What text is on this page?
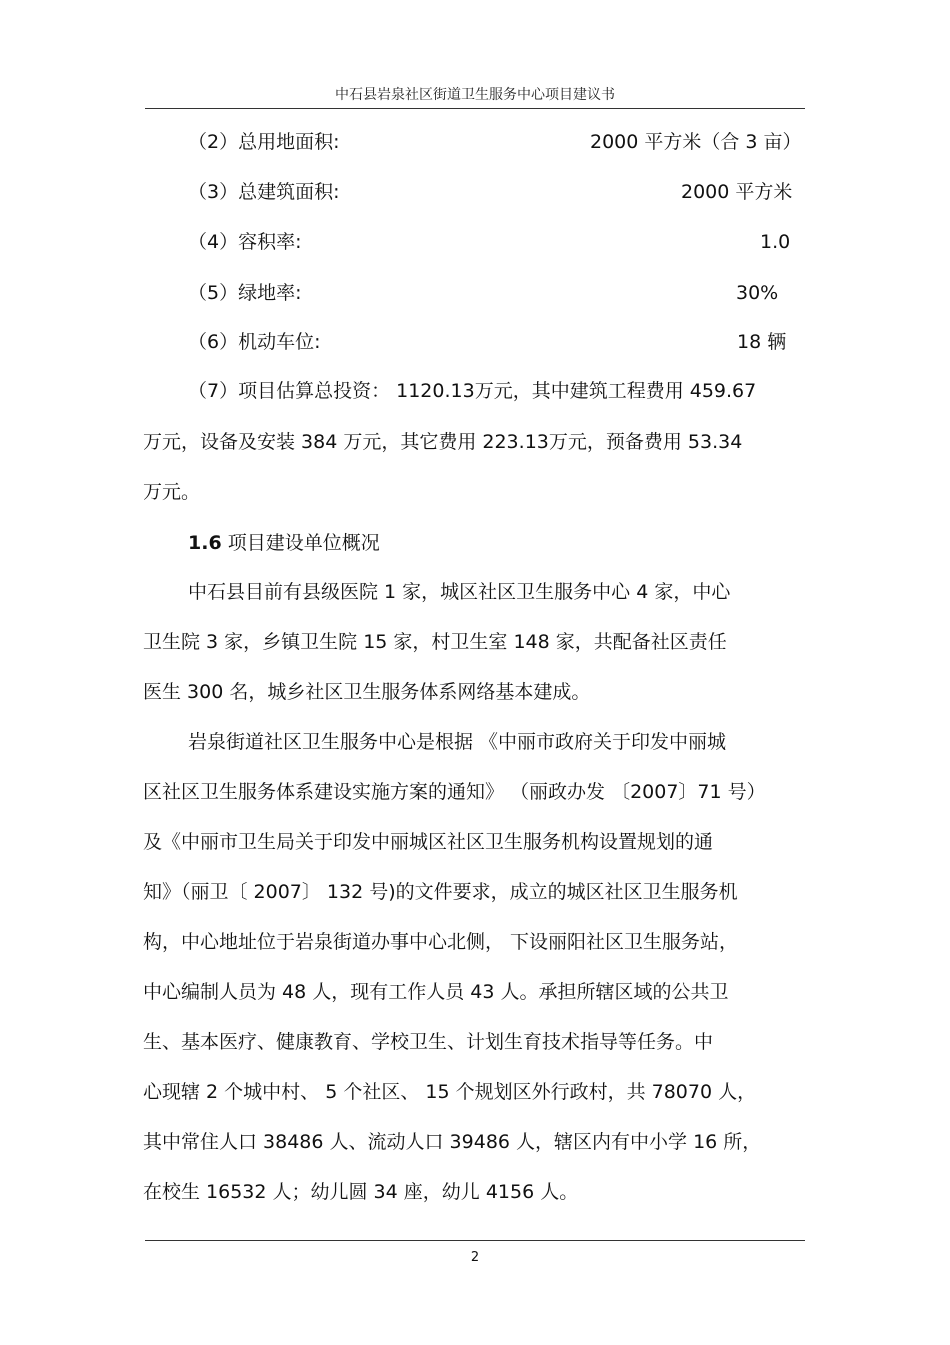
中石县岩泉社区街道卫生服务中心项目建议书
（2）总用地面积:	2000 平方米（合 3 亩）
（3）总建筑面积:	2000 平方米
（4）容积率:	1.0
（5）绿地率:	30%
（6）机动车位:	18 辆
（7）项目估算总投资： 1120.13万元，其中建筑工程费用 459.67
万元，设备及安装 384 万元，其它费用 223.13万元，预备费用 53.34
万元。
1.6 项目建设单位概况
中石县目前有县级医院 1 家，城区社区卫生服务中心 4 家，中心
卫生院 3 家，乡镇卫生院 15 家，村卫生室 148 家，共配备社区责任
医生 300 名，城乡社区卫生服务体系网络基本建成。
岩泉街道社区卫生服务中心是根据 《中丽市政府关于印发中丽城
区社区卫生服务体系建设实施方案的通知》 （丽政办发 〔2007〕71 号）
及《中丽市卫生局关于印发中丽城区社区卫生服务机构设置规划的通
知》（丽卫〔 2007〕 132 号)的文件要求，成立的城区社区卫生服务机
构，中心地址位于岩泉街道办事中心北侧， 下设丽阳社区卫生服务站，
中心编制人员为 48 人，现有工作人员 43 人。承担所辖区域的公共卫
生、基本医疗、健康教育、学校卫生、计划生育技术指导等任务。中
心现辖 2 个城中村、 5 个社区、 15 个规划区外行政村，共 78070 人，
其中常住人口 38486 人、流动人口 39486 人，辖区内有中小学 16 所，
在校生 16532 人；幼儿圆 34 座，幼儿 4156 人。
2
